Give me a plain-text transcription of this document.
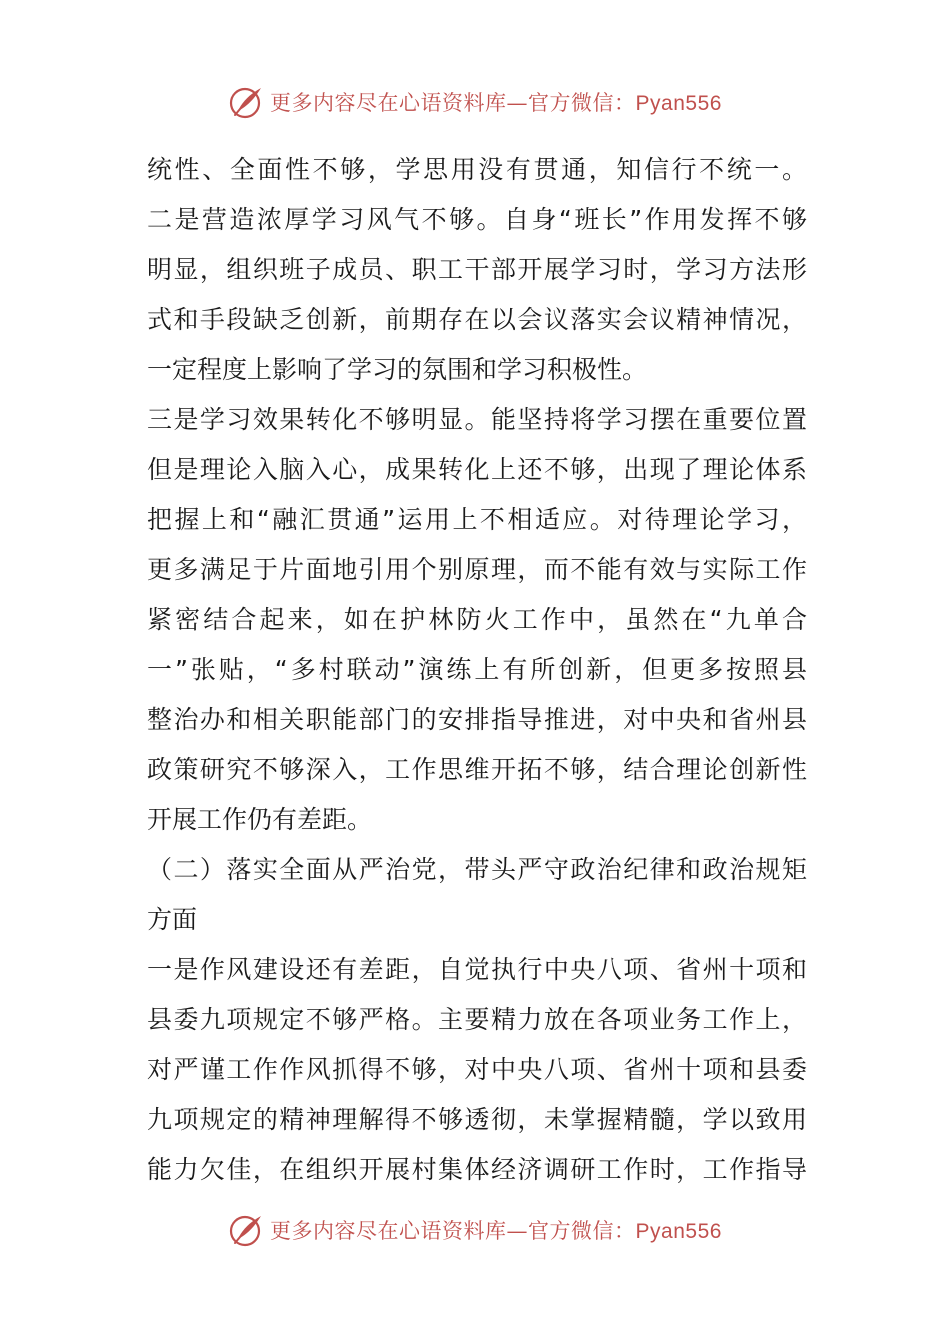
更多内容尽在心语资料库—官方微信：Pyan556
统性、全面性不够，学思用没有贯通，知信行不统一。
二是营造浓厚学习风气不够。自身“班长”作用发挥不够
明显，组织班子成员、职工干部开展学习时，学习方法形
式和手段缺乏创新，前期存在以会议落实会议精神情况，
一定程度上影响了学习的氛围和学习积极性。
三是学习效果转化不够明显。能坚持将学习摆在重要位置
但是理论入脑入心，成果转化上还不够，出现了理论体系
把握上和“融汇贯通”运用上不相适应。对待理论学习，
更多满足于片面地引用个别原理，而不能有效与实际工作
紧密结合起来，如在护林防火工作中，虽然在“九单合
一”张贴，“多村联动”演练上有所创新，但更多按照县
整治办和相关职能部门的安排指导推进，对中央和省州县
政策研究不够深入，工作思维开拓不够，结合理论创新性
开展工作仍有差距。
（二）落实全面从严治党，带头严守政治纪律和政治规矩
方面
一是作风建设还有差距，自觉执行中央八项、省州十项和
县委九项规定不够严格。主要精力放在各项业务工作上，
对严谨工作作风抓得不够，对中央八项、省州十项和县委
九项规定的精神理解得不够透彻，未掌握精髓，学以致用
能力欠佳，在组织开展村集体经济调研工作时，工作指导
更多内容尽在心语资料库—官方微信：Pyan556
